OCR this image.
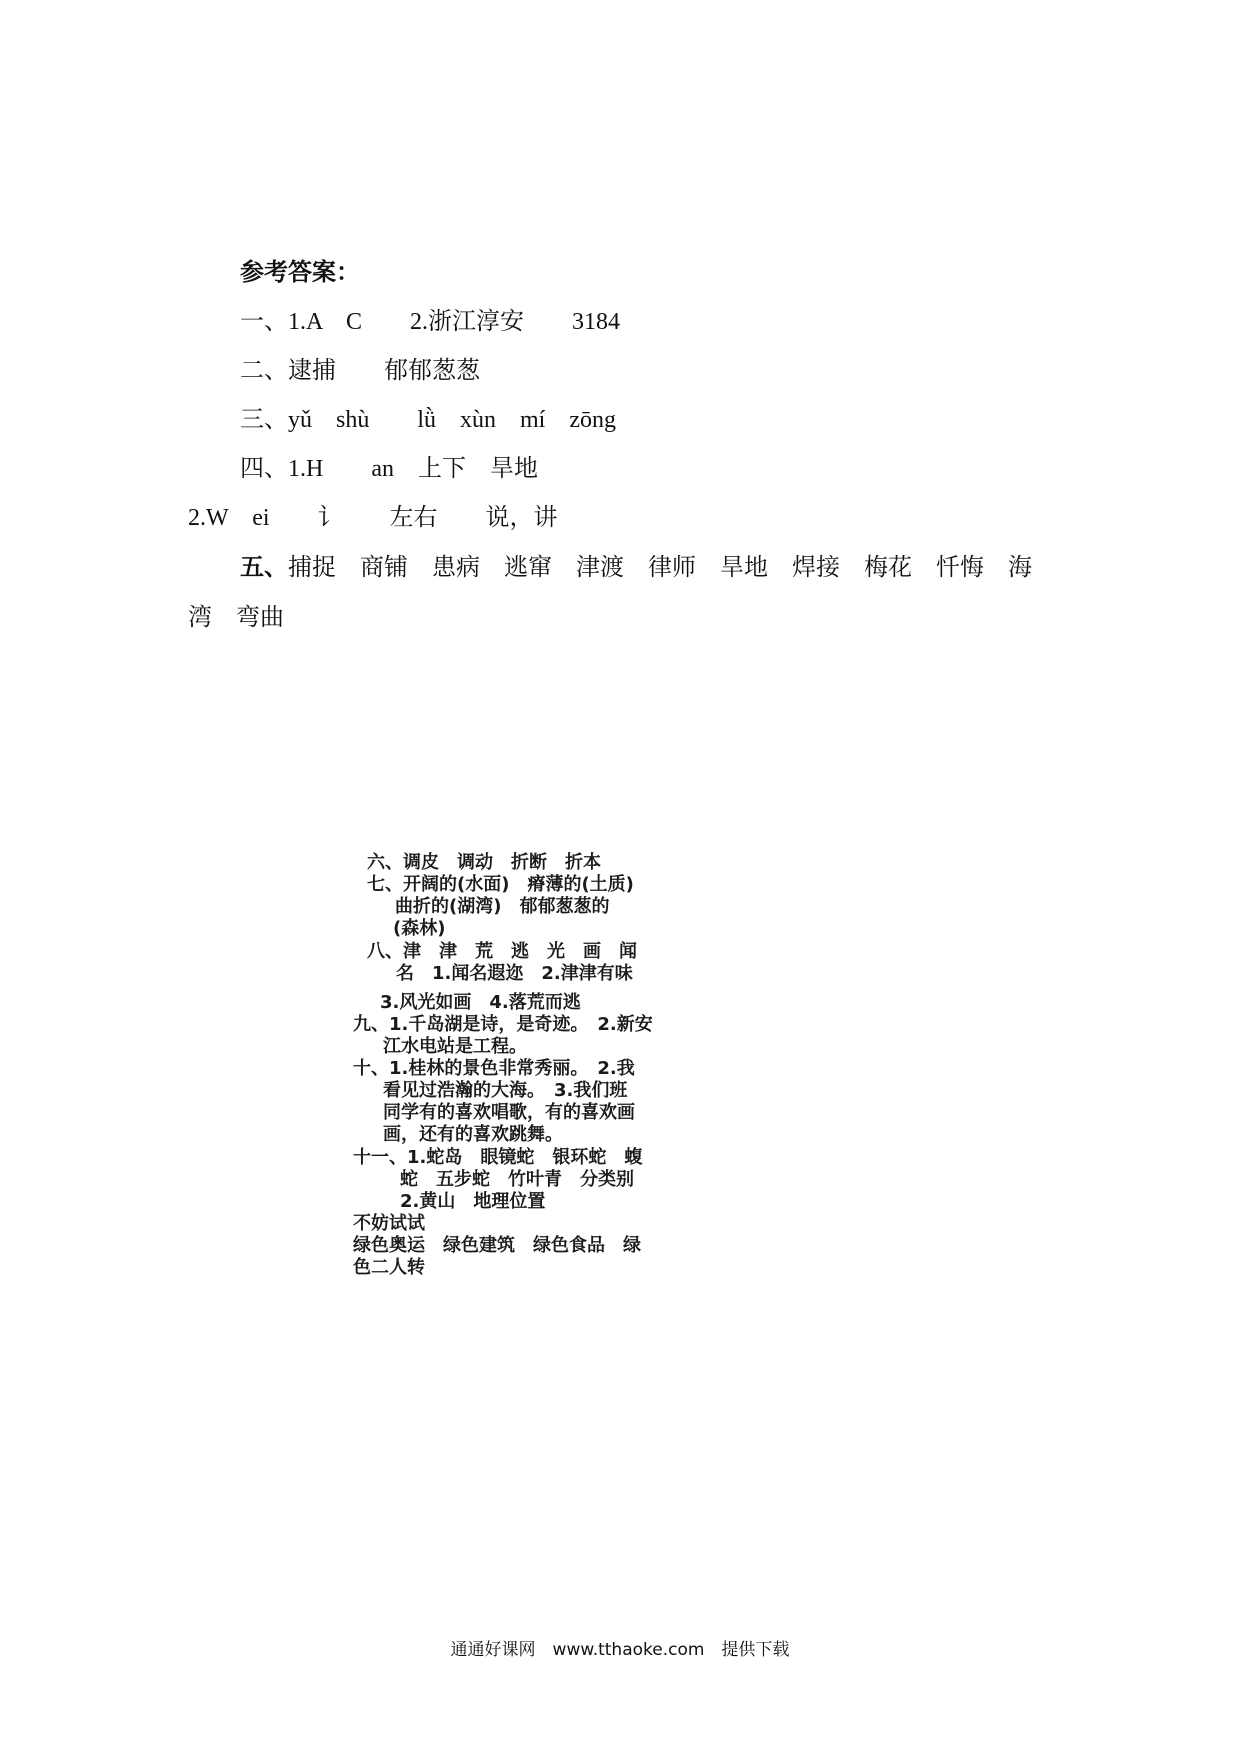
参考答案：
一、1.A　C　　2.浙江淳安　　3184
二、逮捕　　郁郁葱葱
三、yǔ　shù　　lǜ　xùn　mí　zōng
四、1.H　　an　上下　旱地
2.W　ei　　讠　　左右　　说，讲
五、捕捉　商铺　患病　逃窜　津渡　律师　旱地　焊接　梅花　忏悔　海
湾　弯曲
六、调皮　调动　折断　折本
七、开阔的(水面)　瘠薄的(土质)
曲折的(湖湾)　郁郁葱葱的
(森林)
八、津　津　荒　逃　光　画　闻
名　1.闻名遐迩　2.津津有味
3.风光如画　4.落荒而逃
九、1.千岛湖是诗，是奇迹。　2.新安
江水电站是工程。
十、1.桂林的景色非常秀丽。　2.我
看见过浩瀚的大海。　3.我们班
同学有的喜欢唱歌，有的喜欢画
画，还有的喜欢跳舞。
十一、1.蛇岛　眼镜蛇　银环蛇　蝮
蛇　五步蛇　竹叶青　分类别
2.黄山　地理位置
不妨试试
绿色奥运　绿色建筑　绿色食品　绿
色二人转
通通好课网　www.tthaoke.com　提供下载
